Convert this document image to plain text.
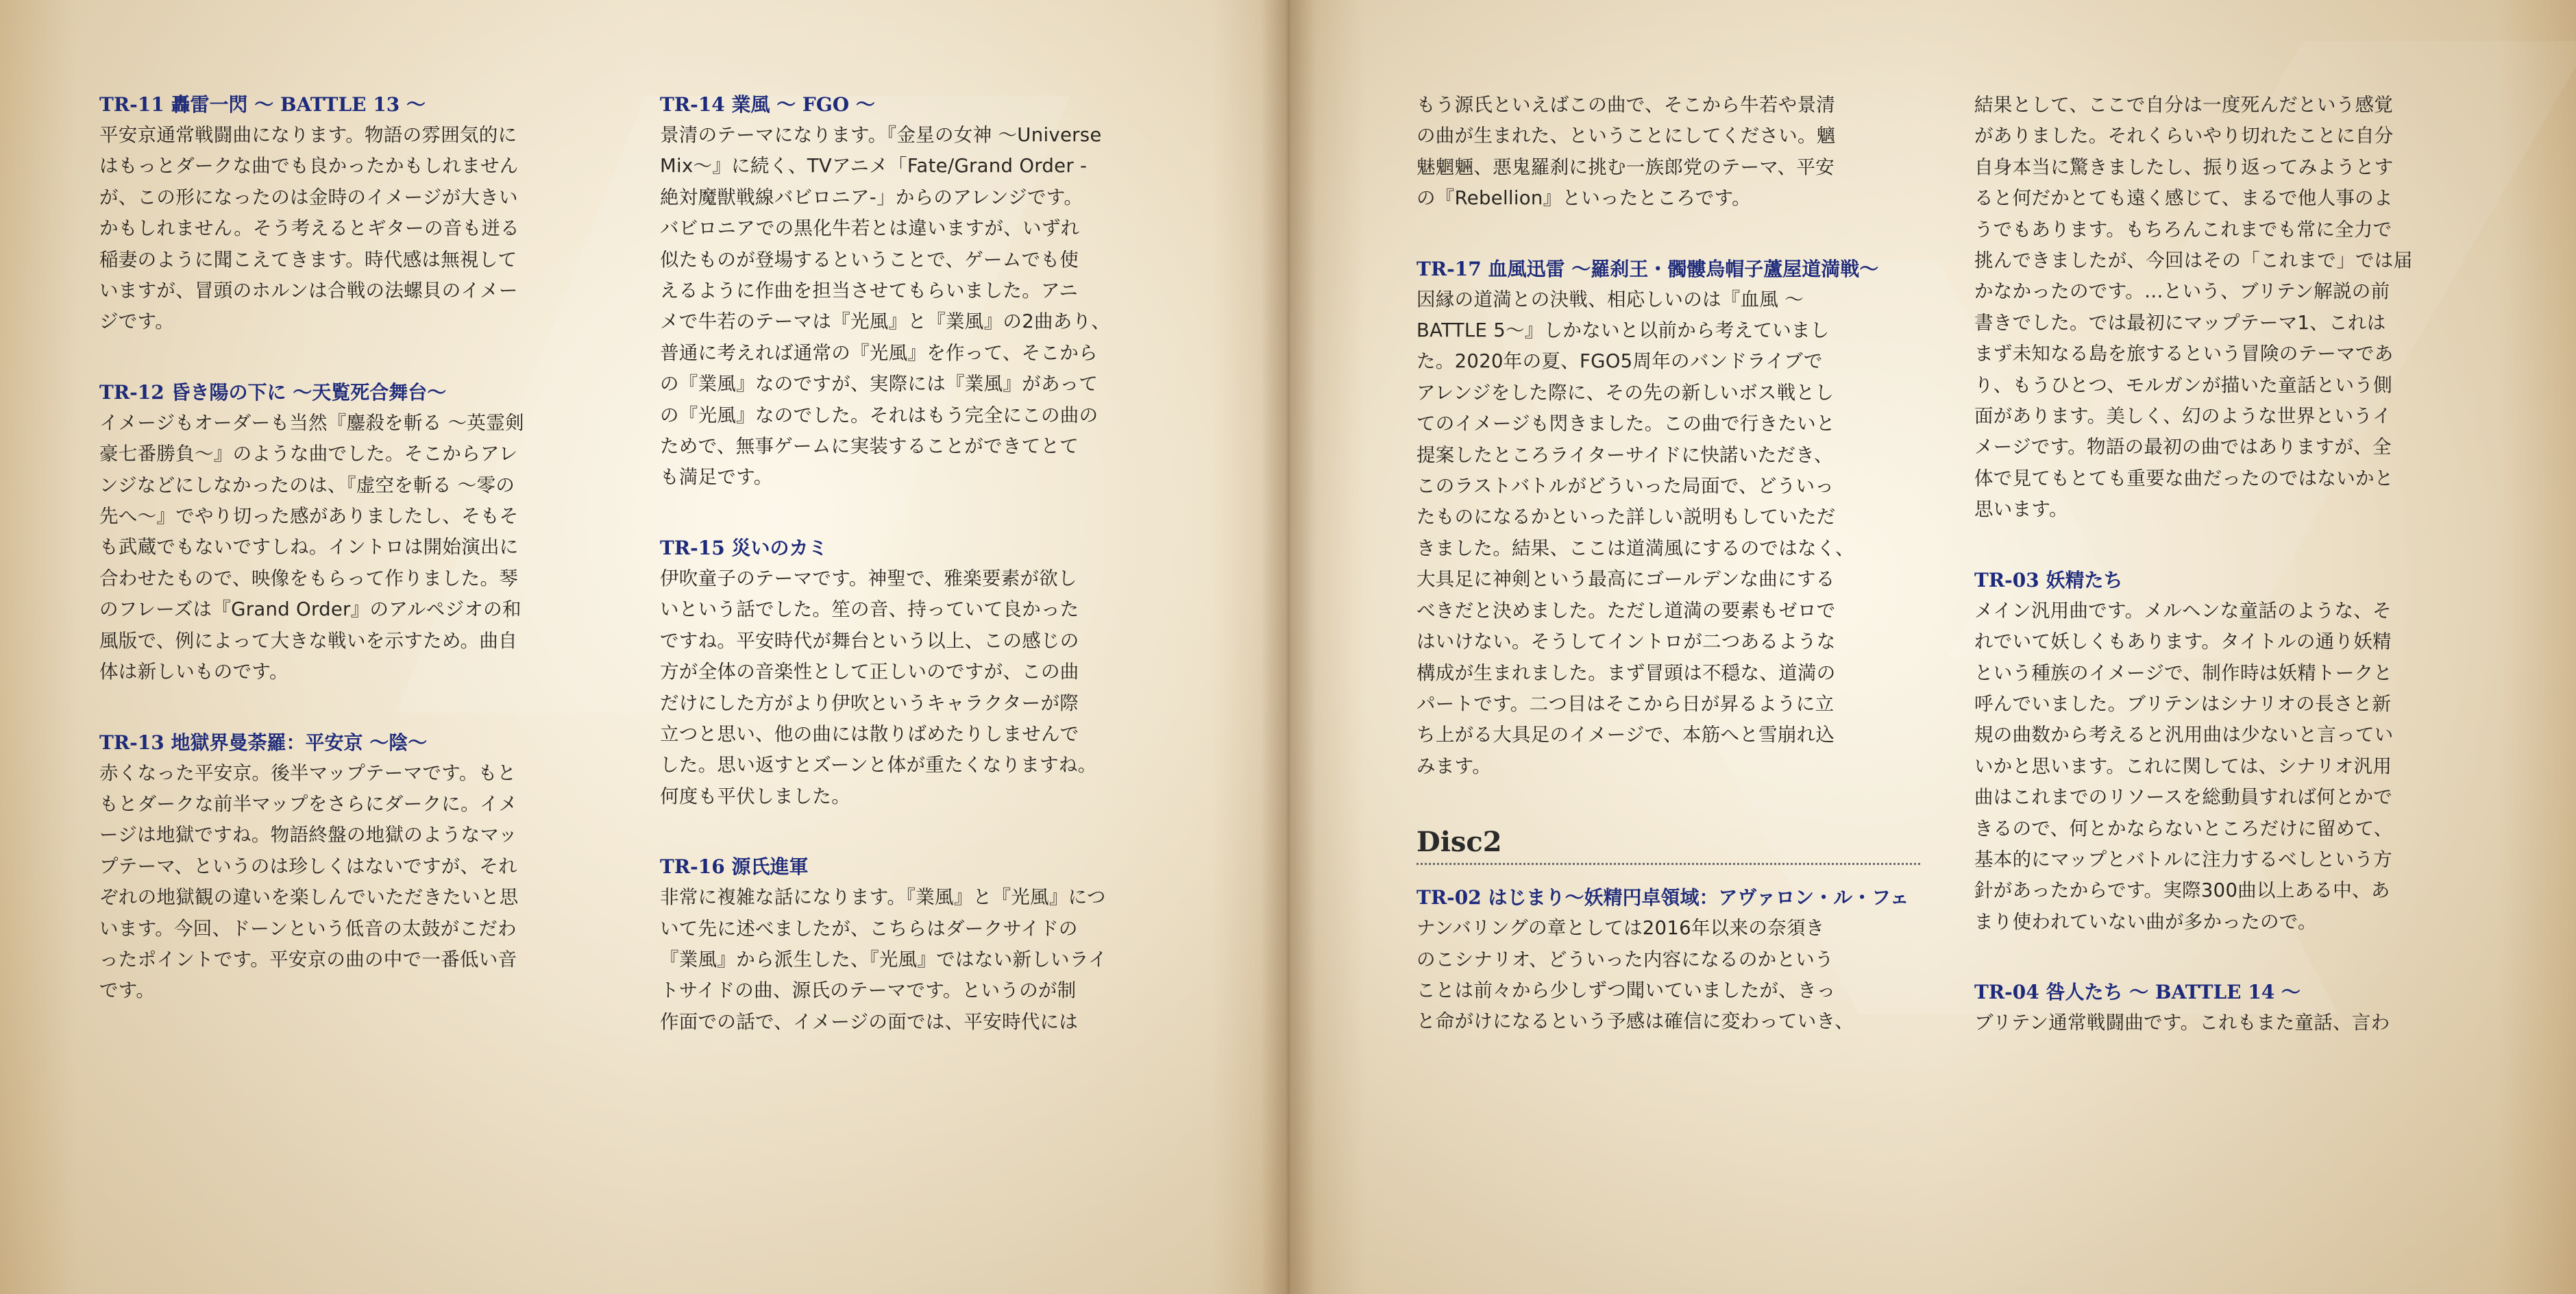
TR-11 轟雷一閃 ～ BATTLE 13 ～

平安京通常戦闘曲になります。物語の雰囲気的に
はもっとダークな曲でも良かったかもしれません
が、この形になったのは金時のイメージが大きい
かもしれません。そう考えるとギターの音も迸る
稲妻のように聞こえてきます。時代感は無視して
いますが、冒頭のホルンは合戦の法螺貝のイメー
ジです。

TR-12 昏き陽の下に ～天覧死合舞台～

イメージもオーダーも当然『鏖殺を斬る ～英霊剣
豪七番勝負～』のような曲でした。そこからアレ
ンジなどにしなかったのは、『虚空を斬る ～零の
先へ～』でやり切った感がありましたし、そもそ
も武蔵でもないですしね。イントロは開始演出に
合わせたもので、映像をもらって作りました。琴
のフレーズは『Grand Order』のアルペジオの和
風版で、例によって大きな戦いを示すため。曲自
体は新しいものです。

TR-13 地獄界曼荼羅：平安京 ～陰～

赤くなった平安京。後半マップテーマです。もと
もとダークな前半マップをさらにダークに。イメ
ージは地獄ですね。物語終盤の地獄のようなマッ
プテーマ、というのは珍しくはないですが、それ
ぞれの地獄観の違いを楽しんでいただきたいと思
います。今回、ドーンという低音の太鼓がこだわ
ったポイントです。平安京の曲の中で一番低い音
です。

TR-14 業風 ～ FGO ～

景清のテーマになります。『金星の女神 ～Universe
Mix～』に続く、TVアニメ「Fate/Grand Order -
絶対魔獣戦線バビロニア-」からのアレンジです。
バビロニアでの黒化牛若とは違いますが、いずれ
似たものが登場するということで、ゲームでも使
えるように作曲を担当させてもらいました。アニ
メで牛若のテーマは『光風』と『業風』の2曲あり、
普通に考えれば通常の『光風』を作って、そこから
の『業風』なのですが、実際には『業風』があって
の『光風』なのでした。それはもう完全にこの曲の
ためで、無事ゲームに実装することができてとて
も満足です。

TR-15 災いのカミ

伊吹童子のテーマです。神聖で、雅楽要素が欲し
いという話でした。笙の音、持っていて良かった
ですね。平安時代が舞台という以上、この感じの
方が全体の音楽性として正しいのですが、この曲
だけにした方がより伊吹というキャラクターが際
立つと思い、他の曲には散りばめたりしませんで
した。思い返すとズーンと体が重たくなりますね。
何度も平伏しました。

TR-16 源氏進軍

非常に複雑な話になります。『業風』と『光風』につ
いて先に述べましたが、こちらはダークサイドの
『業風』から派生した、『光風』ではない新しいライ
トサイドの曲、源氏のテーマです。というのが制
作面での話で、イメージの面では、平安時代には
もう源氏といえばこの曲で、そこから牛若や景清
の曲が生まれた、ということにしてください。魑
魅魍魎、悪鬼羅刹に挑む一族郎党のテーマ、平安
の『Rebellion』といったところです。

TR-17 血風迅雷 ～羅刹王・髑髏烏帽子蘆屋道満戦～

因縁の道満との決戦、相応しいのは『血風 ～
BATTLE 5～』しかないと以前から考えていまし
た。2020年の夏、FGO5周年のバンドライブで
アレンジをした際に、その先の新しいボス戦とし
てのイメージも閃きました。この曲で行きたいと
提案したところライターサイドに快諾いただき、
このラストバトルがどういった局面で、どういっ
たものになるかといった詳しい説明もしていただ
きました。結果、ここは道満風にするのではなく、
大具足に神剣という最高にゴールデンな曲にする
べきだと決めました。ただし道満の要素もゼロで
はいけない。そうしてイントロが二つあるような
構成が生まれました。まず冒頭は不穏な、道満の
パートです。二つ目はそこから日が昇るように立
ち上がる大具足のイメージで、本筋へと雪崩れ込
みます。
Disc2

TR-02 はじまり～妖精円卓領域：アヴァロン・ル・フェ

ナンバリングの章としては2016年以来の奈須き
のこシナリオ、どういった内容になるのかという
ことは前々から少しずつ聞いていましたが、きっ
と命がけになるという予感は確信に変わっていき、
結果として、ここで自分は一度死んだという感覚
がありました。それくらいやり切れたことに自分
自身本当に驚きましたし、振り返ってみようとす
ると何だかとても遠く感じて、まるで他人事のよ
うでもあります。もちろんこれまでも常に全力で
挑んできましたが、今回はその「これまで」では届
かなかったのです。…という、ブリテン解説の前
書きでした。では最初にマップテーマ1、これは
まず未知なる島を旅するという冒険のテーマであ
り、もうひとつ、モルガンが描いた童話という側
面があります。美しく、幻のような世界というイ
メージです。物語の最初の曲ではありますが、全
体で見てもとても重要な曲だったのではないかと
思います。

TR-03 妖精たち

メイン汎用曲です。メルヘンな童話のような、そ
れでいて妖しくもあります。タイトルの通り妖精
という種族のイメージで、制作時は妖精トークと
呼んでいました。ブリテンはシナリオの長さと新
規の曲数から考えると汎用曲は少ないと言ってい
いかと思います。これに関しては、シナリオ汎用
曲はこれまでのリソースを総動員すれば何とかで
きるので、何とかならないところだけに留めて、
基本的にマップとバトルに注力するべしという方
針があったからです。実際300曲以上ある中、あ
まり使われていない曲が多かったので。

TR-04 咎人たち ～ BATTLE 14 ～

ブリテン通常戦闘曲です。これもまた童話、言わ
